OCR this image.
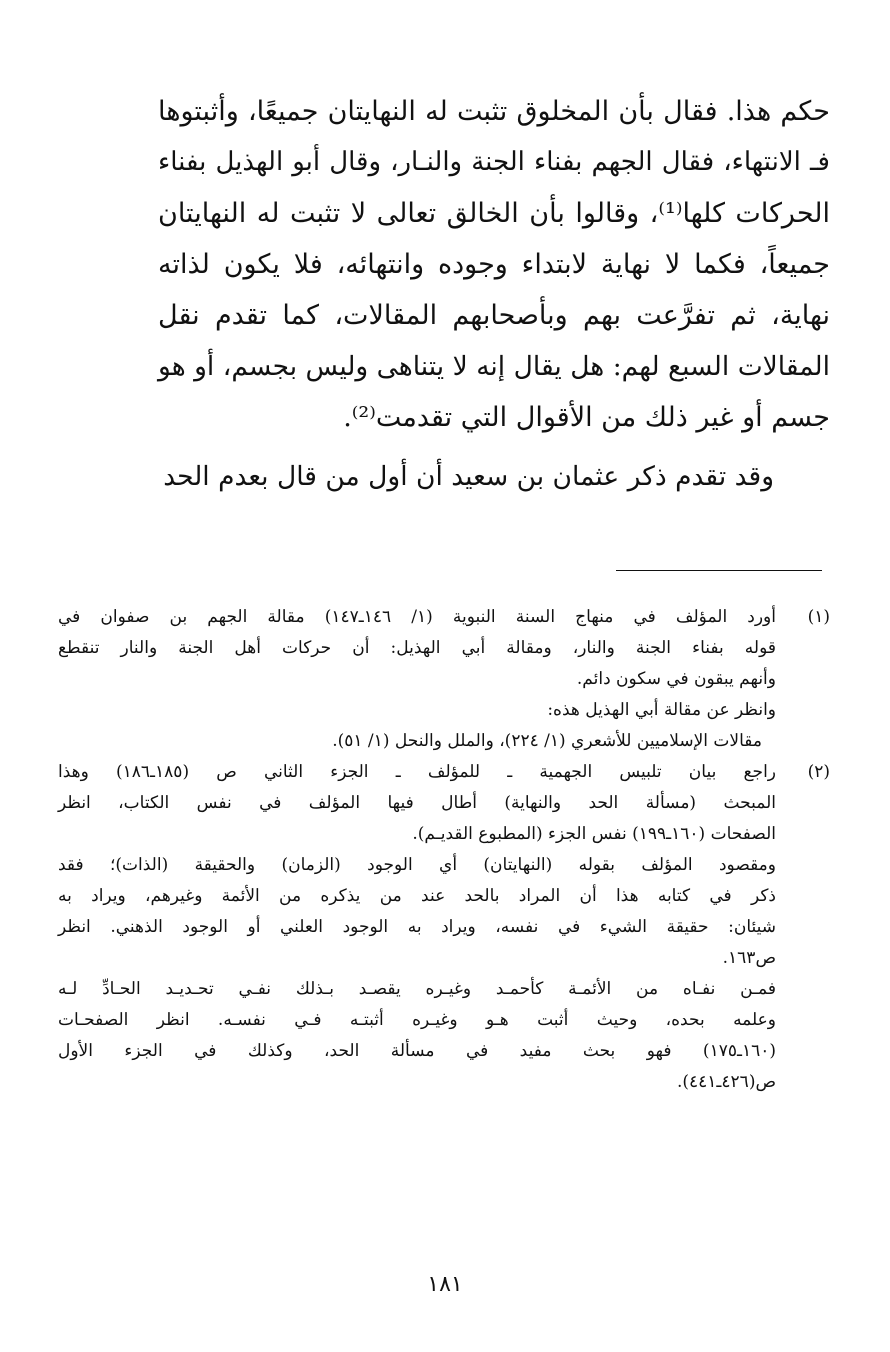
حكم هذا. فقال بأن المخلوق تثبت له النهايتان جميعًا، وأثبتوها
فـ الانتهاء، فقال الجهم بفناء الجنة والنـار، وقال أبو الهذيل بفناء
الحركات كلها⁽¹⁾، وقالوا بأن الخالق تعالى لا تثبت له النهايتان
جميعاً، فكما لا نهاية لابتداء وجوده وانتهائه، فلا يكون لذاته
نهاية، ثم تفرَّعت بهم وبأصحابهم المقالات، كما تقدم نقل
المقالات السبع لهم: هل يقال إنه لا يتناهى وليس بجسم، أو هو
جسم أو غير ذلك من الأقوال التي تقدمت⁽²⁾.
وقد تقدم ذكر عثمان بن سعيد أن أول من قال بعدم الحد
(١)
أورد المؤلف في منهاج السنة النبوية (١/ ١٤٦ـ١٤٧) مقالة الجهم بن صفوان في
قوله بفناء الجنة والنار، ومقالة أبي الهذيل: أن حركات أهل الجنة والنار تنقطع
وأنهم يبقون في سكون دائم.
وانظر عن مقالة أبي الهذيل هذه:
مقالات الإسلاميين للأشعري (١/ ٢٢٤)، والملل والنحل (١/ ٥١).
(٢)
راجع بيان تلبيس الجهمية ـ للمؤلف ـ الجزء الثاني ص (١٨٥ـ١٨٦) وهذا
المبحث (مسألة الحد والنهاية) أطال فيها المؤلف في نفس الكتاب، انظر
الصفحات (١٦٠ـ١٩٩) نفس الجزء (المطبوع القديـم).
ومقصود المؤلف بقوله (النهايتان) أي الوجود (الزمان) والحقيقة (الذات)؛ فقد
ذكر في كتابه هذا أن المراد بالحد عند من يذكره من الأئمة وغيرهم، ويراد به
شيئان: حقيقة الشيء في نفسه، ويراد به الوجود العلني أو الوجود الذهني. انظر
ص١٦٣.
فمـن نفـاه من الأئمـة كأحمـد وغيـره يقصـد بـذلك نفـي تحـديـد الحـادِّ لـه
وعلمه بحده، وحيث أثبت هـو وغيـره أثبتـه فـي نفسـه. انظر الصفحـات
(١٦٠ـ١٧٥) فهو بحث مفيد في مسألة الحد، وكذلك في الجزء الأول
ص(٤٢٦ـ٤٤١).
١٨١
